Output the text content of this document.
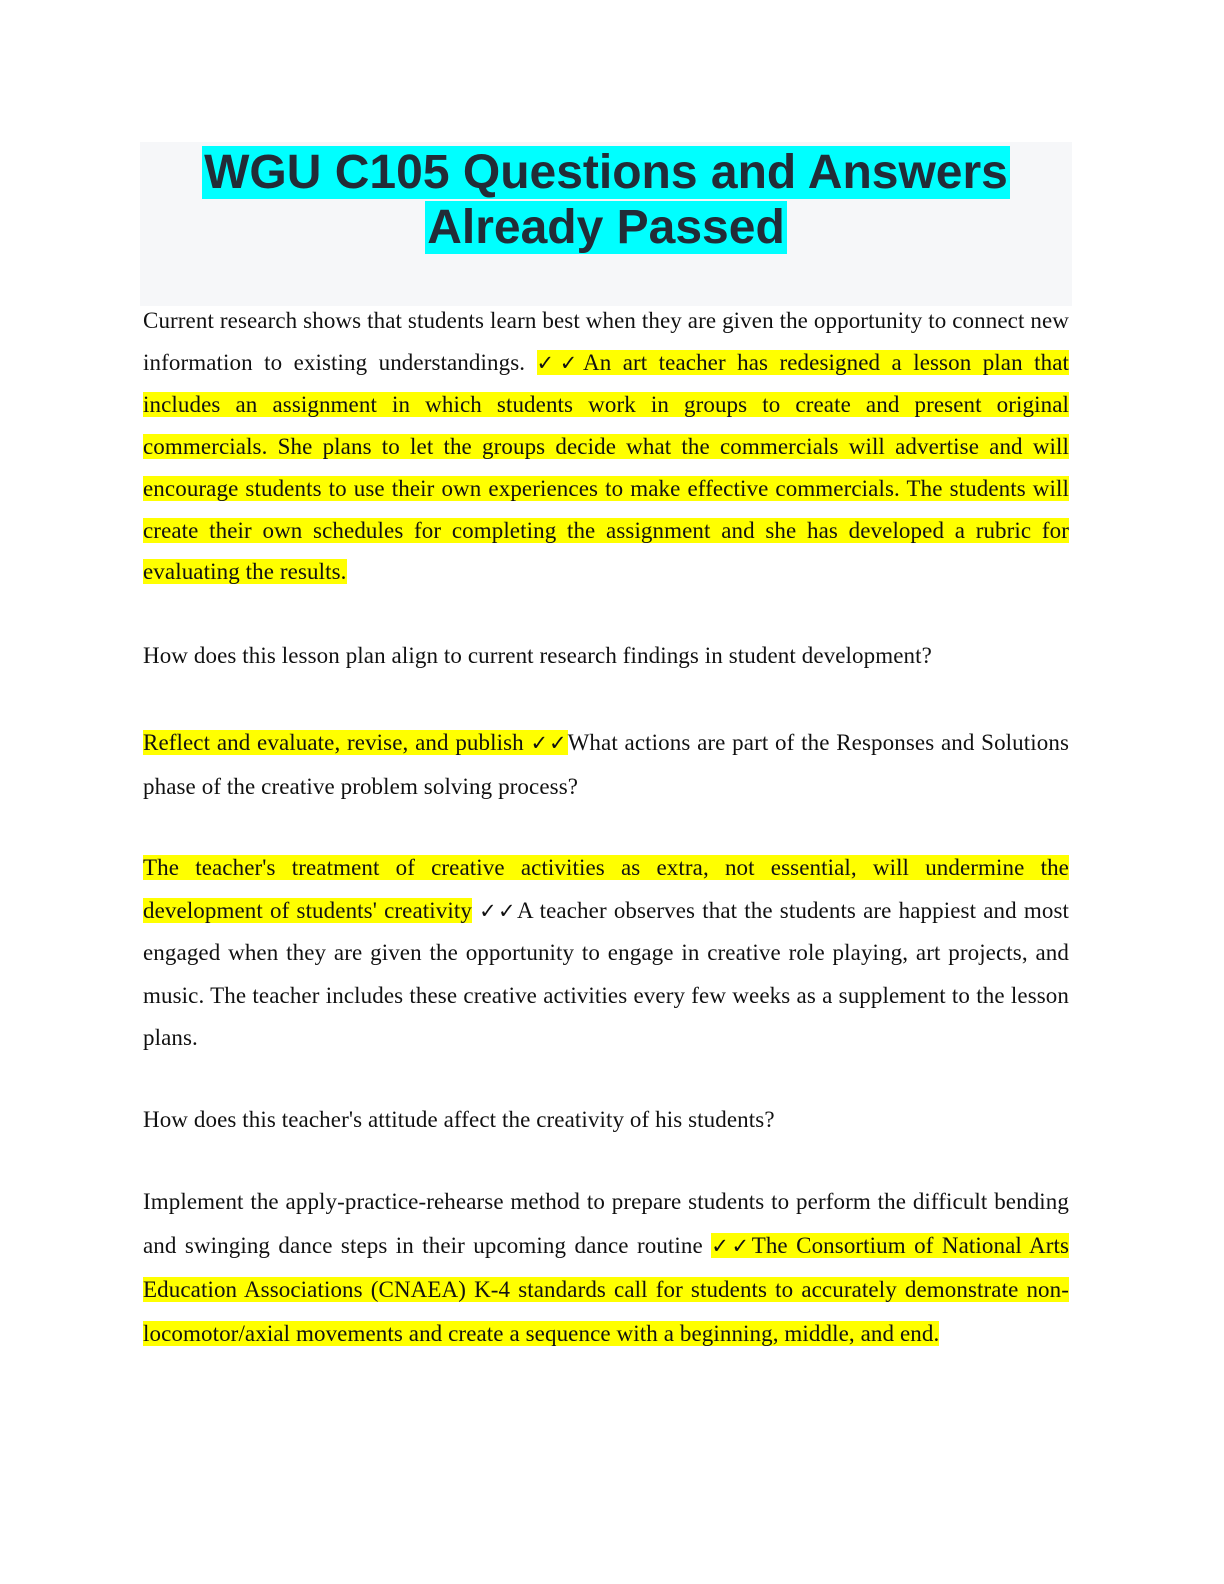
WGU C105 Questions and Answers
Already Passed
Current research shows that students learn best when they are given the opportunity to connect new information to existing understandings. ✓✓An art teacher has redesigned a lesson plan that includes an assignment in which students work in groups to create and present original commercials. She plans to let the groups decide what the commercials will advertise and will encourage students to use their own experiences to make effective commercials. The students will create their own schedules for completing the assignment and she has developed a rubric for evaluating the results.
How does this lesson plan align to current research findings in student development?
Reflect and evaluate, revise, and publish ✓✓What actions are part of the Responses and Solutions phase of the creative problem solving process?
The teacher's treatment of creative activities as extra, not essential, will undermine the development of students' creativity ✓✓A teacher observes that the students are happiest and most engaged when they are given the opportunity to engage in creative role playing, art projects, and music. The teacher includes these creative activities every few weeks as a supplement to the lesson plans.
How does this teacher's attitude affect the creativity of his students?
Implement the apply-practice-rehearse method to prepare students to perform the difficult bending and swinging dance steps in their upcoming dance routine ✓✓The Consortium of National Arts Education Associations (CNAEA) K-4 standards call for students to accurately demonstrate non-locomotor/axial movements and create a sequence with a beginning, middle, and end.
